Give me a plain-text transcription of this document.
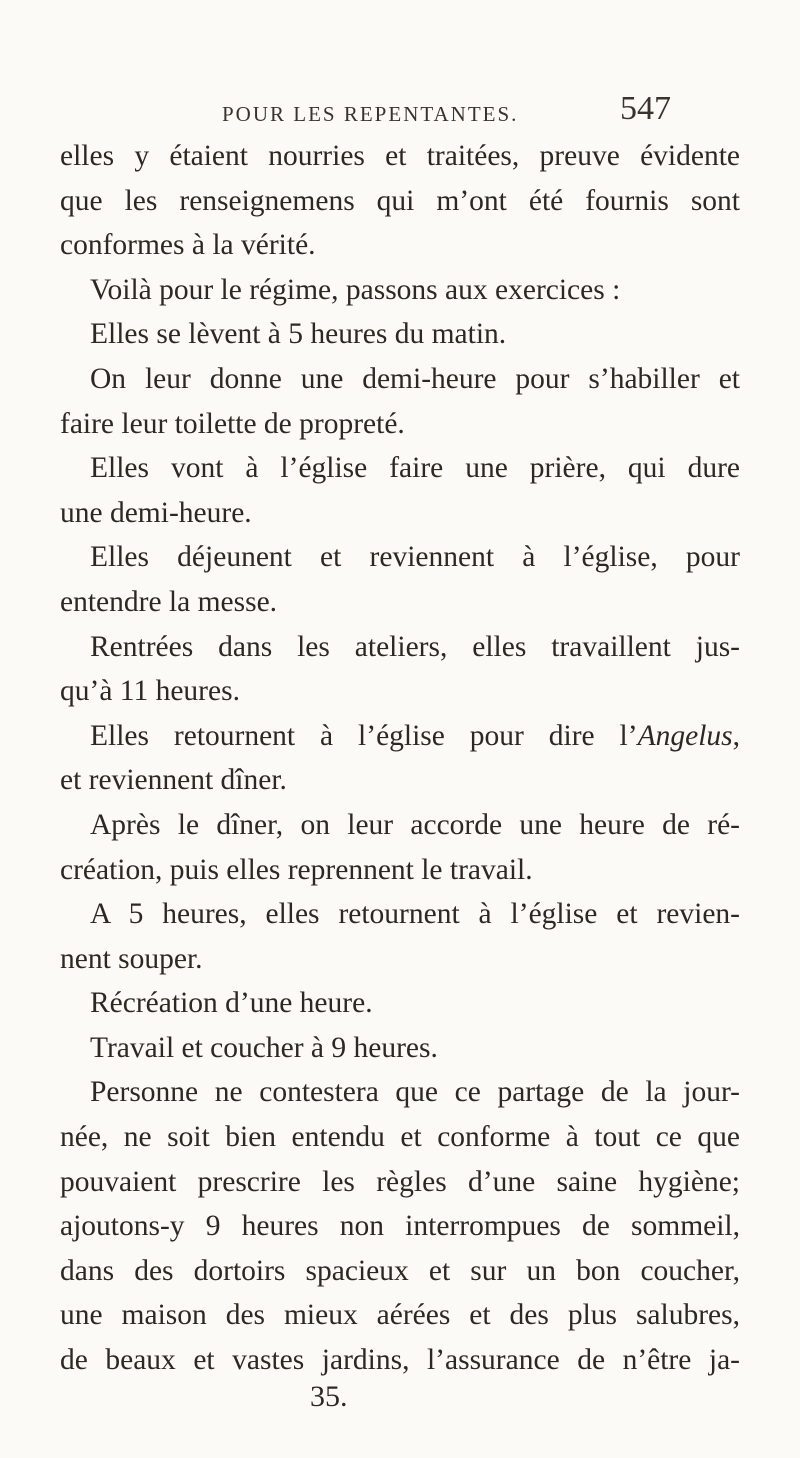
POUR LES REPENTANTES.	547
elles y étaient nourries et traitées, preuve évidente
que les renseignemens qui m’ont été fournis sont
conformes à la vérité.
Voilà pour le régime, passons aux exercices :
Elles se lèvent à 5 heures du matin.
On leur donne une demi-heure pour s’habiller et
faire leur toilette de propreté.
Elles vont à l’église faire une prière, qui dure
une demi-heure.
Elles déjeunent et reviennent à l’église, pour
entendre la messe.
Rentrées dans les ateliers, elles travaillent jus-
qu’à 11 heures.
Elles retournent à l’église pour dire l’Angelus,
et reviennent dîner.
Après le dîner, on leur accorde une heure de ré-
création, puis elles reprennent le travail.
A 5 heures, elles retournent à l’église et revien-
nent souper.
Récréation d’une heure.
Travail et coucher à 9 heures.
Personne ne contestera que ce partage de la jour-
née, ne soit bien entendu et conforme à tout ce que
pouvaient prescrire les règles d’une saine hygiène;
ajoutons-y 9 heures non interrompues de sommeil,
dans des dortoirs spacieux et sur un bon coucher,
une maison des mieux aérées et des plus salubres,
de beaux et vastes jardins, l’assurance de n’être ja-
35.
